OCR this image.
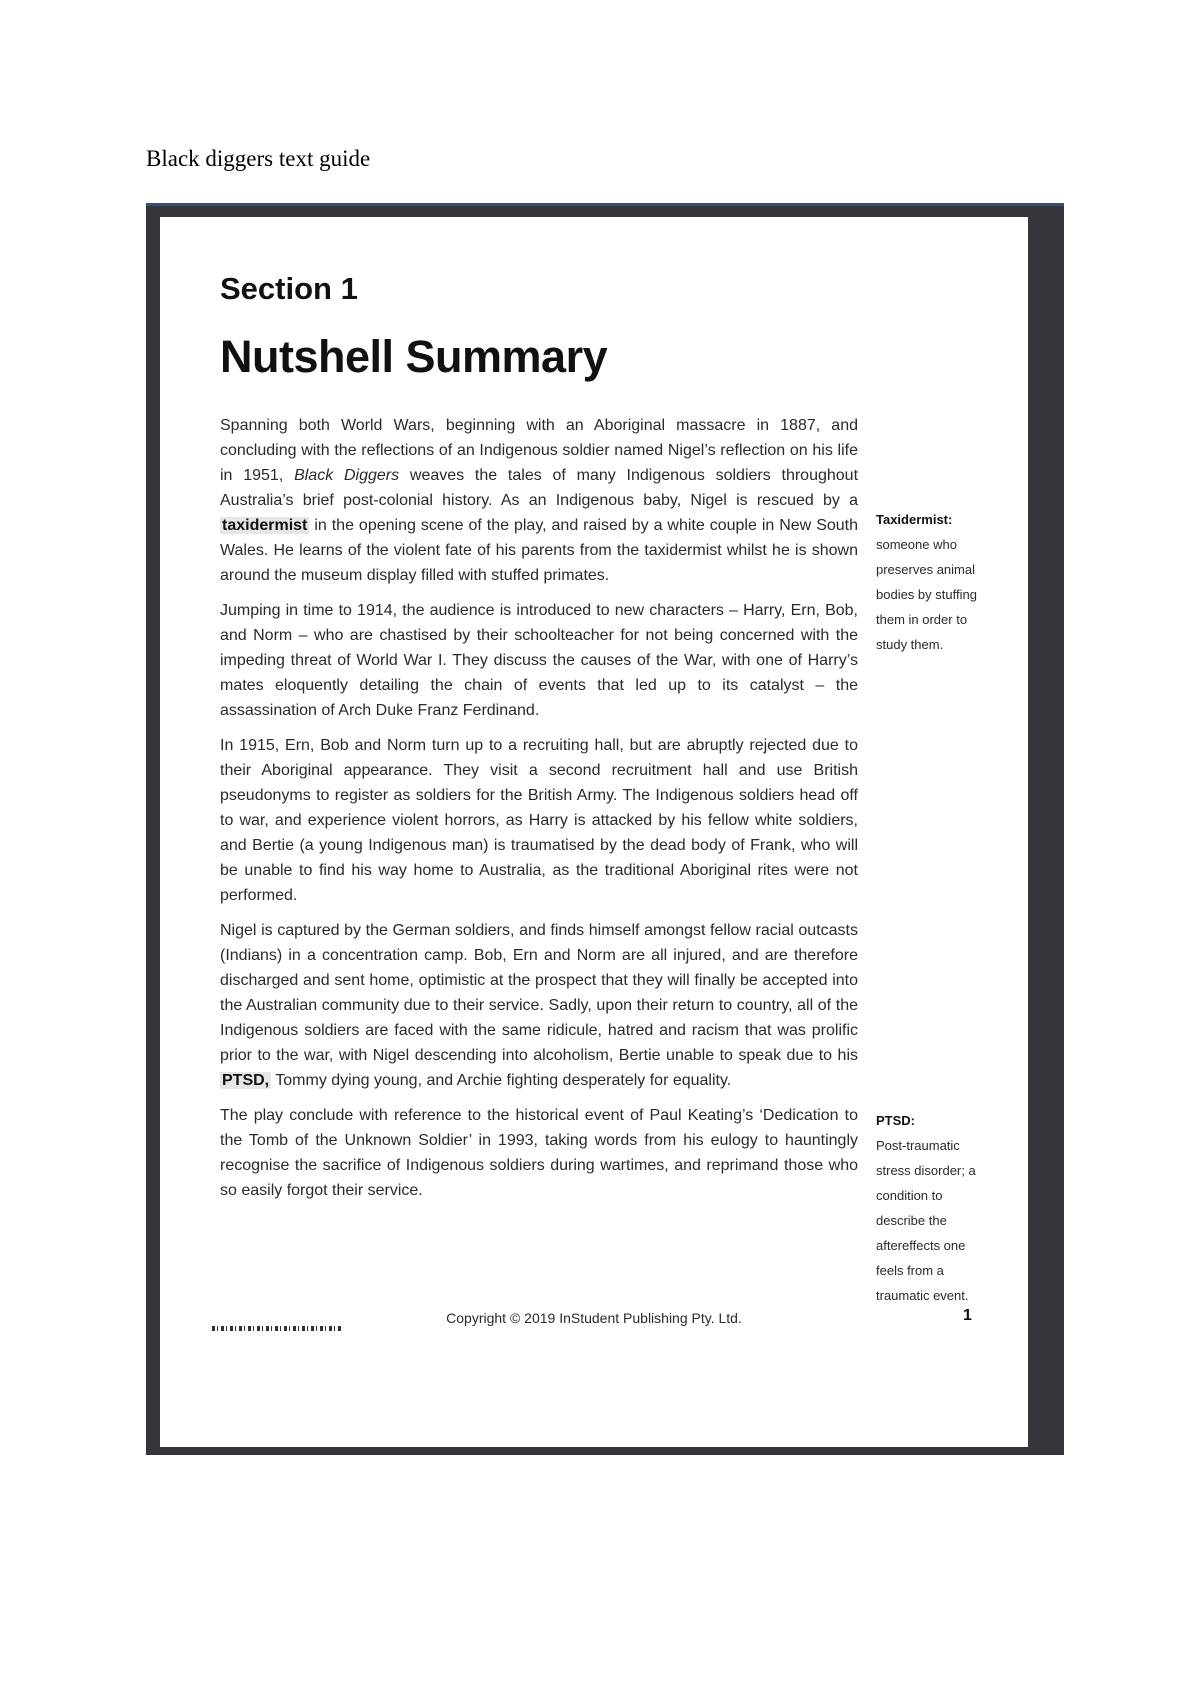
Black diggers text guide
Section 1
Nutshell Summary

Spanning both World Wars, beginning with an Aboriginal massacre in 1887, and concluding with the reflections of an Indigenous soldier named Nigel’s reflection on his life in 1951, Black Diggers weaves the tales of many Indigenous soldiers throughout Australia’s brief post-colonial history. As an Indigenous baby, Nigel is rescued by a taxidermist in the opening scene of the play, and raised by a white couple in New South Wales. He learns of the violent fate of his parents from the taxidermist whilst he is shown around the museum display filled with stuffed primates.

Jumping in time to 1914, the audience is introduced to new characters – Harry, Ern, Bob, and Norm – who are chastised by their schoolteacher for not being concerned with the impeding threat of World War I. They discuss the causes of the War, with one of Harry’s mates eloquently detailing the chain of events that led up to its catalyst – the assassination of Arch Duke Franz Ferdinand.

In 1915, Ern, Bob and Norm turn up to a recruiting hall, but are abruptly rejected due to their Aboriginal appearance. They visit a second recruitment hall and use British pseudonyms to register as soldiers for the British Army. The Indigenous soldiers head off to war, and experience violent horrors, as Harry is attacked by his fellow white soldiers, and Bertie (a young Indigenous man) is traumatised by the dead body of Frank, who will be unable to find his way home to Australia, as the traditional Aboriginal rites were not performed.

Nigel is captured by the German soldiers, and finds himself amongst fellow racial outcasts (Indians) in a concentration camp. Bob, Ern and Norm are all injured, and are therefore discharged and sent home, optimistic at the prospect that they will finally be accepted into the Australian community due to their service. Sadly, upon their return to country, all of the Indigenous soldiers are faced with the same ridicule, hatred and racism that was prolific prior to the war, with Nigel descending into alcoholism, Bertie unable to speak due to his PTSD, Tommy dying young, and Archie fighting desperately for equality.

The play conclude with reference to the historical event of Paul Keating’s ‘Dedication to the Tomb of the Unknown Soldier’ in 1993, taking words from his eulogy to hauntingly recognise the sacrifice of Indigenous soldiers during wartimes, and reprimand those who so easily forgot their service.

Taxidermist:
someone who preserves animal bodies by stuffing them in order to study them.
PTSD:
Post-traumatic stress disorder; a condition to describe the aftereffects one feels from a traumatic event.
Copyright © 2019 InStudent Publishing Pty. Ltd.	1
